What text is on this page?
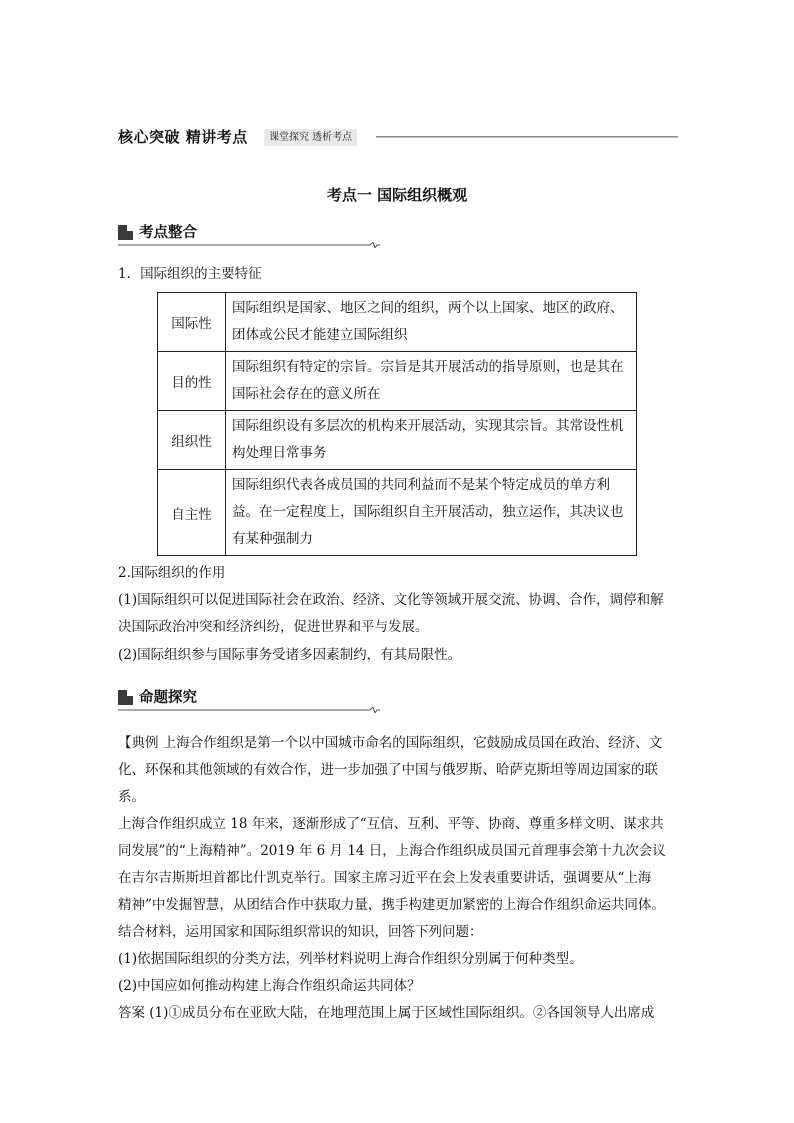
核心突破 精讲考点	课堂探究 透析考点
考点一 国际组织概观
考点整合
1．国际组织的主要特征
国际性	国际组织是国家、地区之间的组织，两个以上国家、地区的政府、团体或公民才能建立国际组织
目的性	国际组织有特定的宗旨。宗旨是其开展活动的指导原则，也是其在国际社会存在的意义所在
组织性	国际组织设有多层次的机构来开展活动，实现其宗旨。其常设性机构处理日常事务
自主性	国际组织代表各成员国的共同利益而不是某个特定成员的单方利益。在一定程度上，国际组织自主开展活动，独立运作，其决议也有某种强制力
2.国际组织的作用
(1)国际组织可以促进国际社会在政治、经济、文化等领域开展交流、协调、合作，调停和解
决国际政治冲突和经济纠纷，促进世界和平与发展。
(2)国际组织参与国际事务受诸多因素制约，有其局限性。
命题探究
【典例 上海合作组织是第一个以中国城市命名的国际组织，它鼓励成员国在政治、经济、文
化、环保和其他领域的有效合作，进一步加强了中国与俄罗斯、哈萨克斯坦等周边国家的联
系。
上海合作组织成立 18 年来，逐渐形成了“互信、互利、平等、协商、尊重多样文明、谋求共
同发展”的“上海精神”。2019 年 6 月 14 日，上海合作组织成员国元首理事会第十九次会议
在吉尔吉斯斯坦首都比什凯克举行。国家主席习近平在会上发表重要讲话，强调要从“上海
精神”中发掘智慧，从团结合作中获取力量，携手构建更加紧密的上海合作组织命运共同体。
结合材料，运用国家和国际组织常识的知识，回答下列问题：
(1)依据国际组织的分类方法，列举材料说明上海合作组织分别属于何种类型。
(2)中国应如何推动构建上海合作组织命运共同体？
答案 (1)①成员分布在亚欧大陆，在地理范围上属于区域性国际组织。②各国领导人出席成
